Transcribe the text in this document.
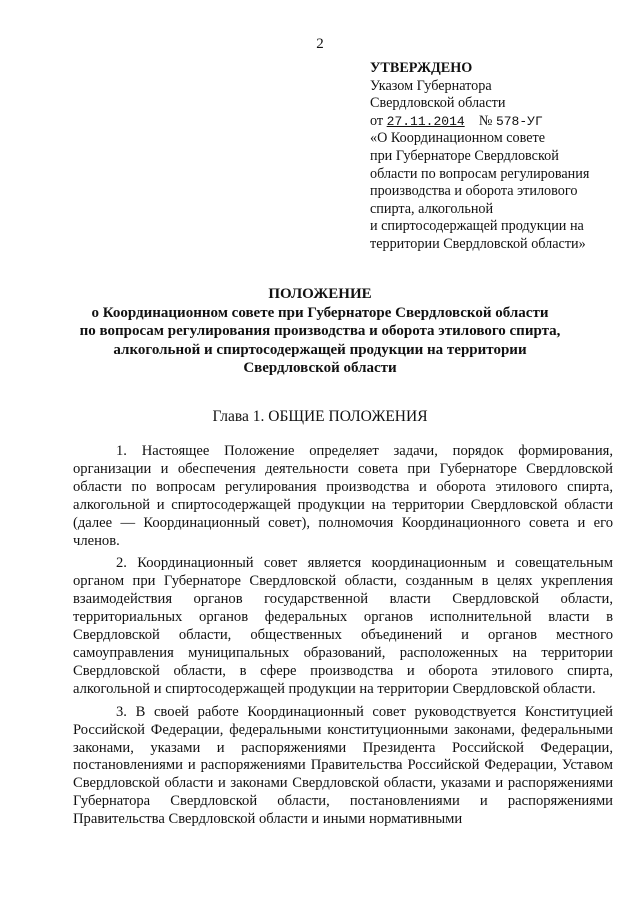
2
УТВЕРЖДЕНО
Указом Губернатора
Свердловской области
от 27.11.2014 № 578-УГ
«О Координационном совете
при Губернаторе Свердловской
области по вопросам регулирования
производства и оборота этилового
спирта, алкогольной
и спиртосодержащей продукции на
территории Свердловской области»
ПОЛОЖЕНИЕ
о Координационном совете при Губернаторе Свердловской области
по вопросам регулирования производства и оборота этилового спирта,
алкогольной и спиртосодержащей продукции на территории
Свердловской области
Глава 1. ОБЩИЕ ПОЛОЖЕНИЯ

1. Настоящее Положение определяет задачи, порядок формирования, организации и обеспечения деятельности совета при Губернаторе Свердловской области по вопросам регулирования производства и оборота этилового спирта, алкогольной и спиртосодержащей продукции на территории Свердловской области (далее — Координационный совет), полномочия Координационного совета и его членов.

2. Координационный совет является координационным и совещательным органом при Губернаторе Свердловской области, созданным в целях укрепления взаимодействия органов государственной власти Свердловской области, территориальных органов федеральных органов исполнительной власти в Свердловской области, общественных объединений и органов местного самоуправления муниципальных образований, расположенных на территории Свердловской области, в сфере производства и оборота этилового спирта, алкогольной и спиртосодержащей продукции на территории Свердловской области.

3. В своей работе Координационный совет руководствуется Конституцией Российской Федерации, федеральными конституционными законами, федеральными законами, указами и распоряжениями Президента Российской Федерации, постановлениями и распоряжениями Правительства Российской Федерации, Уставом Свердловской области и законами Свердловской области, указами и распоряжениями Губернатора Свердловской области, постановлениями и распоряжениями Правительства Свердловской области и иными нормативными
